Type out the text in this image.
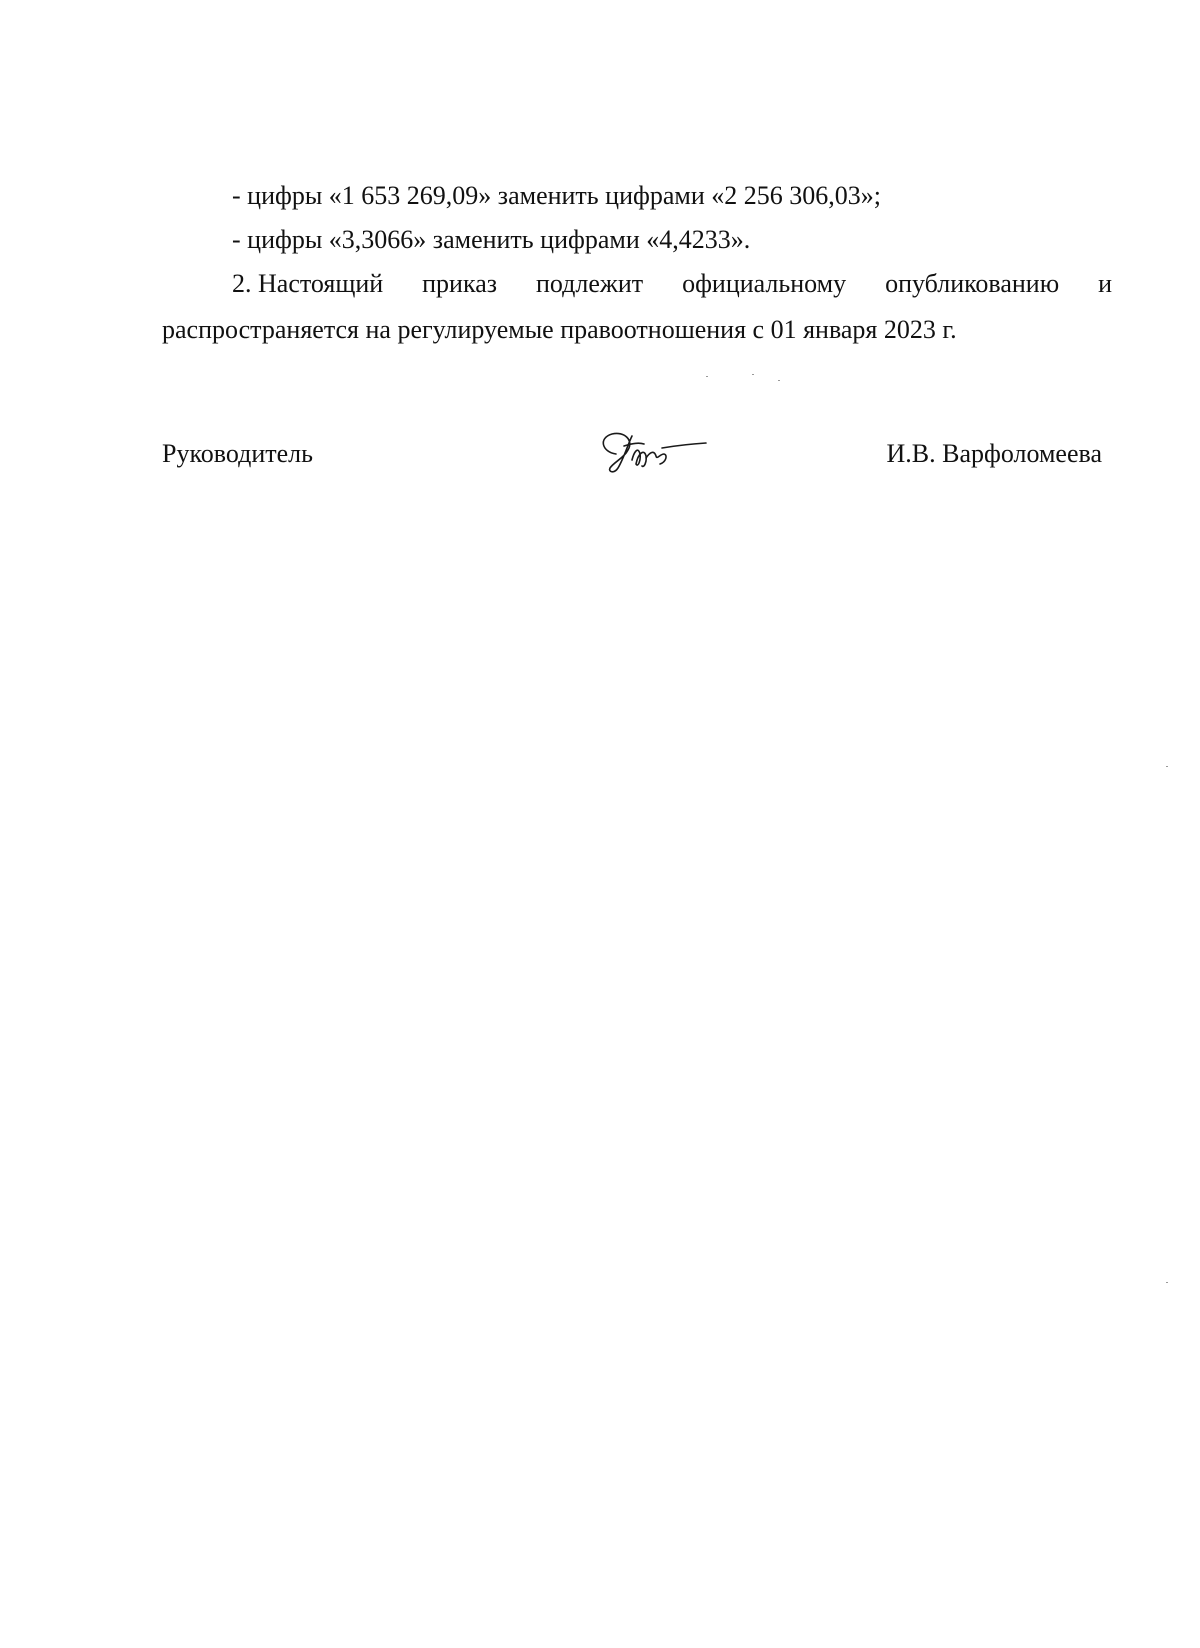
- цифры «1 653 269,09» заменить цифрами «2 256 306,03»;
- цифры «3,3066» заменить цифрами «4,4233».
2. Настоящий приказ подлежит официальному опубликованию и
распространяется на регулируемые правоотношения с 01 января 2023 г.
Руководитель	И.В. Варфоломеева
